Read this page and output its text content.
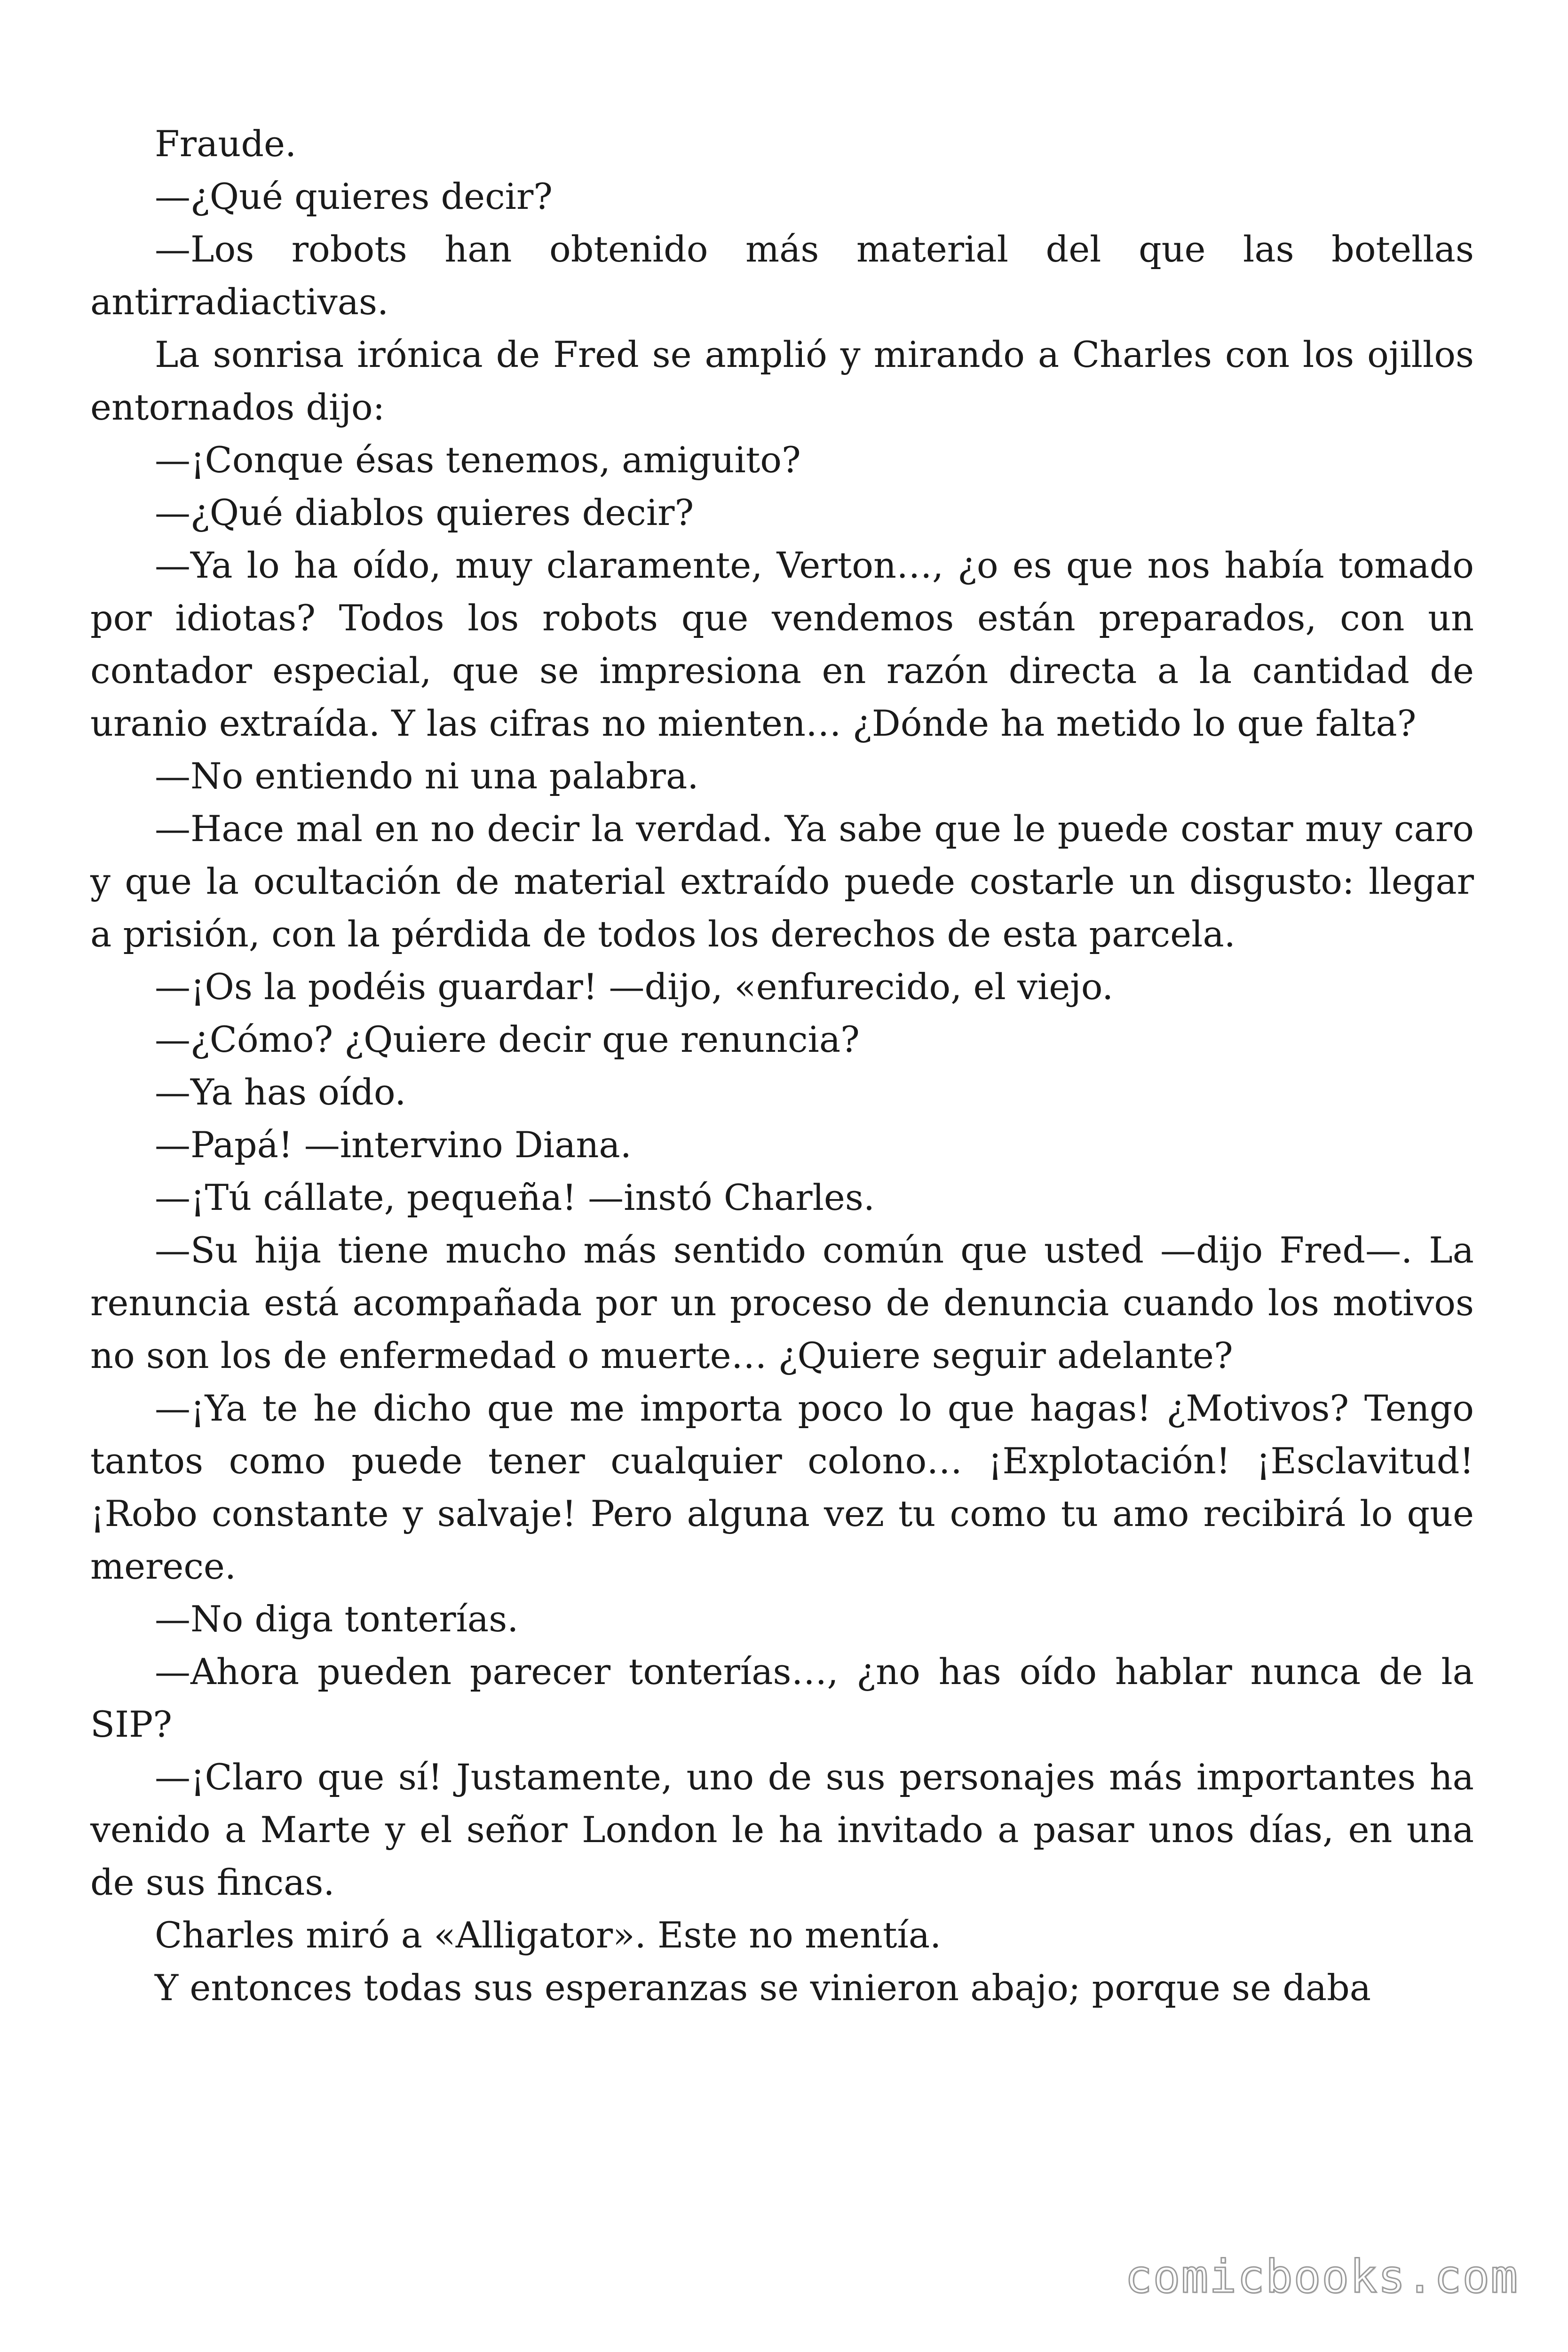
Fraude.

—¿Qué quieres decir?

—Los robots han obtenido más material del que las botellas antirradiactivas.

La sonrisa irónica de Fred se amplió y mirando a Charles con los ojillos entornados dijo:

—¡Conque ésas tenemos, amiguito?

—¿Qué diablos quieres decir?

—Ya lo ha oído, muy claramente, Verton…, ¿o es que nos había tomado por idiotas? Todos los robots que vendemos están preparados, con un contador especial, que se impresiona en razón directa a la cantidad de uranio extraída. Y las cifras no mienten… ¿Dónde ha metido lo que falta?

—No entiendo ni una palabra.

—Hace mal en no decir la verdad. Ya sabe que le puede costar muy caro y que la ocultación de material extraído puede costarle un disgusto: llegar a prisión, con la pérdida de todos los derechos de esta parcela.

—¡Os la podéis guardar! —dijo, «enfurecido, el viejo.

—¿Cómo? ¿Quiere decir que renuncia?

—Ya has oído.

—Papá! —intervino Diana.

—¡Tú cállate, pequeña! —instó Charles.

—Su hija tiene mucho más sentido común que usted —dijo Fred—. La renuncia está acompañada por un proceso de denuncia cuando los motivos no son los de enfermedad o muerte… ¿Quiere seguir adelante?

—¡Ya te he dicho que me importa poco lo que hagas! ¿Motivos? Tengo tantos como puede tener cualquier colono… ¡Explotación! ¡Esclavitud! ¡Robo constante y salvaje! Pero alguna vez tu como tu amo recibirá lo que merece.

—No diga tonterías.

—Ahora pueden parecer tonterías…, ¿no has oído hablar nunca de la SIP?

—¡Claro que sí! Justamente, uno de sus personajes más importantes ha venido a Marte y el señor London le ha invitado a pasar unos días, en una de sus fincas.

Charles miró a «Alligator». Este no mentía.

Y entonces todas sus esperanzas se vinieron abajo; porque se daba

comicbooks.com
